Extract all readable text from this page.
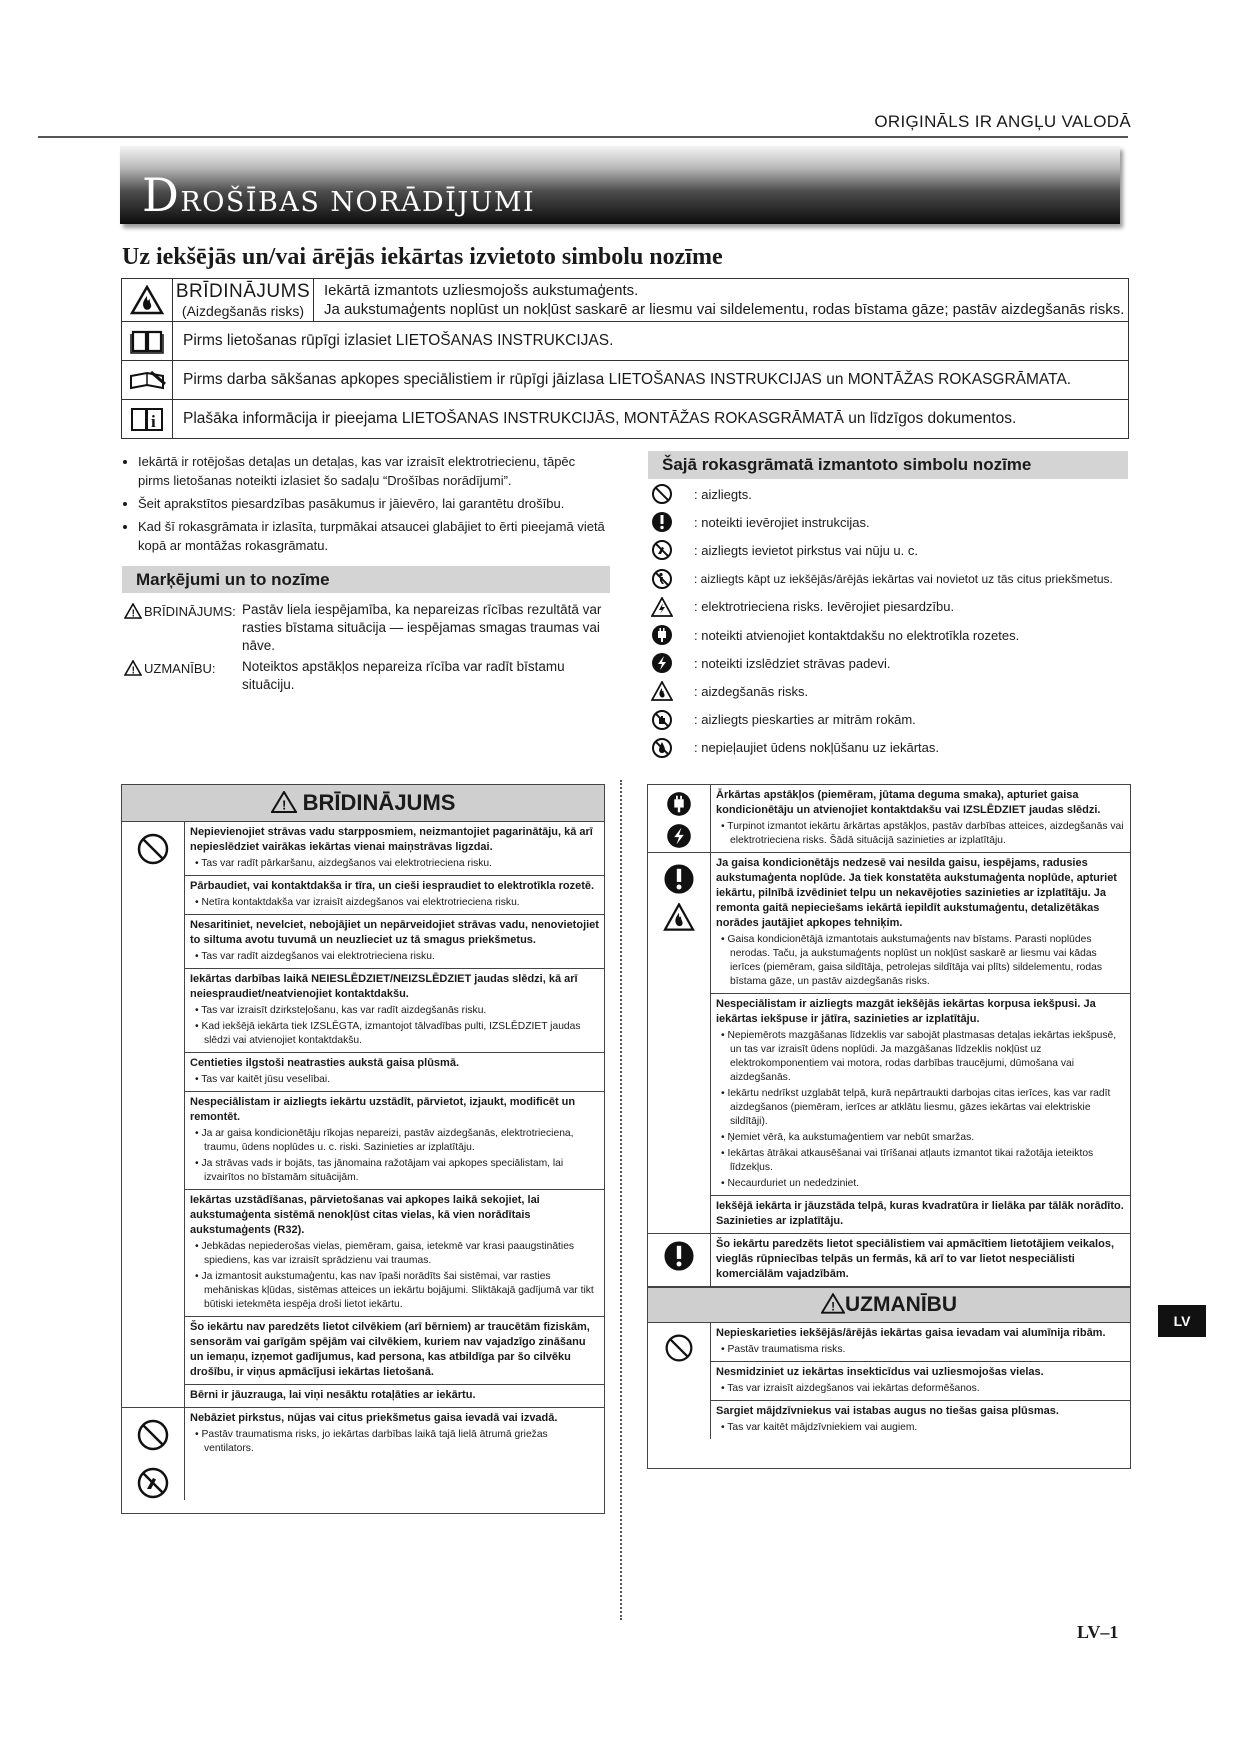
ORIĢINĀLS IR ANGĻU VALODĀ
DROŠĪBAS NORĀDĪJUMI
Uz iekšējās un/vai ārējās iekārtas izvietoto simbolu nozīme
BRĪDINĀJUMS
(Aizdegšanās risks)
Iekārtā izmantots uzliesmojošs aukstumaģents.
Ja aukstumaģents noplūst un nokļūst saskarē ar liesmu vai sildelementu, rodas bīstama gāze; pastāv aizdegšanās risks.
Pirms lietošanas rūpīgi izlasiet LIETOŠANAS INSTRUKCIJAS.
Pirms darba sākšanas apkopes speciālistiem ir rūpīgi jāizlasa LIETOŠANAS INSTRUKCIJAS un MONTĀŽAS ROKASGRĀMATA.
i	Plašāka informācija ir pieejama LIETOŠANAS INSTRUKCIJĀS, MONTĀŽAS ROKASGRĀMATĀ un līdzīgos dokumentos.
• Iekārtā ir rotējošas detaļas un detaļas, kas var izraisīt elektrotriecienu, tāpēc pirms lietošanas noteikti izlasiet šo sadaļu “Drošības norādījumi”.
• Šeit aprakstītos piesardzības pasākumus ir jāievēro, lai garantētu drošību.
• Kad šī rokasgrāmata ir izlasīta, turpmākai atsaucei glabājiet to ērti pieejamā vietā kopā ar montāžas rokasgrāmatu.
Marķējumi un to nozīme
! BRĪDINĀJUMS: Pastāv liela iespējamība, ka nepareizas rīcības rezultātā var rasties bīstama situācija — iespējamas smagas traumas vai nāve.
! UZMANĪBU: Noteiktos apstākļos nepareiza rīcība var radīt bīstamu situāciju.
Šajā rokasgrāmatā izmantoto simbolu nozīme
: aizliegts.
: noteikti ievērojiet instrukcijas.
: aizliegts ievietot pirkstus vai nūju u. c.
: aizliegts kāpt uz iekšējās/ārējās iekārtas vai novietot uz tās citus priekšmetus.
: elektrotrieciena risks. Ievērojiet piesardzību.
: noteikti atvienojiet kontaktdakšu no elektrotīkla rozetes.
: noteikti izslēdziet strāvas padevi.
: aizdegšanās risks.
: aizliegts pieskarties ar mitrām rokām.
: nepieļaujiet ūdens nokļūšanu uz iekārtas.
! BRĪDINĀJUMS
Nepievienojiet strāvas vadu starpposmiem, neizmantojiet pagarinātāju, kā arī nepieslēdziet vairākas iekārtas vienai maiņstrāvas ligzdai.
• Tas var radīt pārkaršanu, aizdegšanos vai elektrotrieciena risku.
Pārbaudiet, vai kontaktdakša ir tīra, un cieši iespraudiet to elektrotīkla rozetē.
• Netīra kontaktdakša var izraisīt aizdegšanos vai elektrotrieciena risku.
Nesaritiniet, nevelciet, nebojājiet un nepārveidojiet strāvas vadu, nenovietojiet to siltuma avotu tuvumā un neuzlieciet uz tā smagus priekšmetus.
• Tas var radīt aizdegšanos vai elektrotrieciena risku.
Iekārtas darbības laikā NEIESLĒDZIET/NEIZSLĒDZIET jaudas slēdzi, kā arī neiespraudiet/neatvienojiet kontaktdakšu.
• Tas var izraisīt dzirksteļošanu, kas var radīt aizdegšanās risku.
• Kad iekšējā iekārta tiek IZSLĒGTA, izmantojot tālvadības pulti, IZSLĒDZIET jaudas slēdzi vai atvienojiet kontaktdakšu.
Centieties ilgstoši neatrasties aukstā gaisa plūsmā.
• Tas var kaitēt jūsu veselībai.
Nespeciālistam ir aizliegts iekārtu uzstādīt, pārvietot, izjaukt, modificēt un remontēt.
• Ja ar gaisa kondicionētāju rīkojas nepareizi, pastāv aizdegšanās, elektrotrieciena, traumu, ūdens noplūdes u. c. riski. Sazinieties ar izplatītāju.
• Ja strāvas vads ir bojāts, tas jānomaina ražotājam vai apkopes speciālistam, lai izvairītos no bīstamām situācijām.
Iekārtas uzstādīšanas, pārvietošanas vai apkopes laikā sekojiet, lai aukstumaģenta sistēmā nenokļūst citas vielas, kā vien norādītais aukstumaģents (R32).
• Jebkādas nepiederošas vielas, piemēram, gaisa, ietekmē var krasi paaugstināties spiediens, kas var izraisīt sprādzienu vai traumas.
• Ja izmantosit aukstumaģentu, kas nav īpaši norādīts šai sistēmai, var rasties mehāniskas kļūdas, sistēmas atteices un iekārtu bojājumi. Sliktākajā gadījumā var tikt būtiski ietekmēta iespēja droši lietot iekārtu.
Šo iekārtu nav paredzēts lietot cilvēkiem (arī bērniem) ar traucētām fiziskām, sensorām vai garīgām spējām vai cilvēkiem, kuriem nav vajadzīgo zināšanu un iemaņu, izņemot gadījumus, kad persona, kas atbildīga par šo cilvēku drošību, ir viņus apmācījusi iekārtas lietošanā.
Bērni ir jāuzrauga, lai viņi nesāktu rotaļāties ar iekārtu.
Nebāziet pirkstus, nūjas vai citus priekšmetus gaisa ievadā vai izvadā.
• Pastāv traumatisma risks, jo iekārtas darbības laikā tajā lielā ātrumā griežas ventilators.
Ārkārtas apstākļos (piemēram, jūtama deguma smaka), apturiet gaisa kondicionētāju un atvienojiet kontaktdakšu vai IZSLĒDZIET jaudas slēdzi.
• Turpinot izmantot iekārtu ārkārtas apstākļos, pastāv darbības atteices, aizdegšanās vai elektrotrieciena risks. Šādā situācijā sazinieties ar izplatītāju.
Ja gaisa kondicionētājs nedzesē vai nesilda gaisu, iespējams, radusies aukstumaģenta noplūde. Ja tiek konstatēta aukstumaģenta noplūde, apturiet iekārtu, pilnībā izvēdiniet telpu un nekavējoties sazinieties ar izplatītāju. Ja remonta gaitā nepieciešams iekārtā iepildīt aukstumaģentu, detalizētākas norādes jautājiet apkopes tehniķim.
• Gaisa kondicionētājā izmantotais aukstumaģents nav bīstams. Parasti noplūdes nerodas. Taču, ja aukstumaģents noplūst un nokļūst saskarē ar liesmu vai kādas ierīces (piemēram, gaisa sildītāja, petrolejas sildītāja vai plīts) sildelementu, rodas bīstama gāze, un pastāv aizdegšanās risks.
Nespeciālistam ir aizliegts mazgāt iekšējās iekārtas korpusa iekšpusi. Ja iekārtas iekšpuse ir jātīra, sazinieties ar izplatītāju.
• Nepiemērots mazgāšanas līdzeklis var sabojāt plastmasas detaļas iekārtas iekšpusē, un tas var izraisīt ūdens noplūdi. Ja mazgāšanas līdzeklis nokļūst uz elektrokomponentiem vai motora, rodas darbības traucējumi, dūmošana vai aizdegšanās.
• Iekārtu nedrīkst uzglabāt telpā, kurā nepārtraukti darbojas citas ierīces, kas var radīt aizdegšanos (piemēram, ierīces ar atklātu liesmu, gāzes iekārtas vai elektriskie sildītāji).
• Ņemiet vērā, ka aukstumaģentiem var nebūt smaržas.
• Iekārtas ātrākai atkausēšanai vai tīrīšanai atļauts izmantot tikai ražotāja ieteiktos līdzekļus.
• Necaurduriet un nededziniet.
Iekšējā iekārta ir jāuzstāda telpā, kuras kvadratūra ir lielāka par tālāk norādīto. Sazinieties ar izplatītāju.
Šo iekārtu paredzēts lietot speciālistiem vai apmācītiem lietotājiem veikalos, vieglās rūpniecības telpās un fermās, kā arī to var lietot nespeciālisti komerciālām vajadzībām.
! UZMANĪBU
Nepieskarieties iekšējās/ārējās iekārtas gaisa ievadam vai alumīnija ribām.
• Pastāv traumatisma risks.
Nesmidziniet uz iekārtas insekticīdus vai uzliesmojošas vielas.
• Tas var izraisīt aizdegšanos vai iekārtas deformēšanos.
Sargiet mājdzīvniekus vai istabas augus no tiešas gaisa plūsmas.
• Tas var kaitēt mājdzīvniekiem vai augiem.
LV
LV–1
